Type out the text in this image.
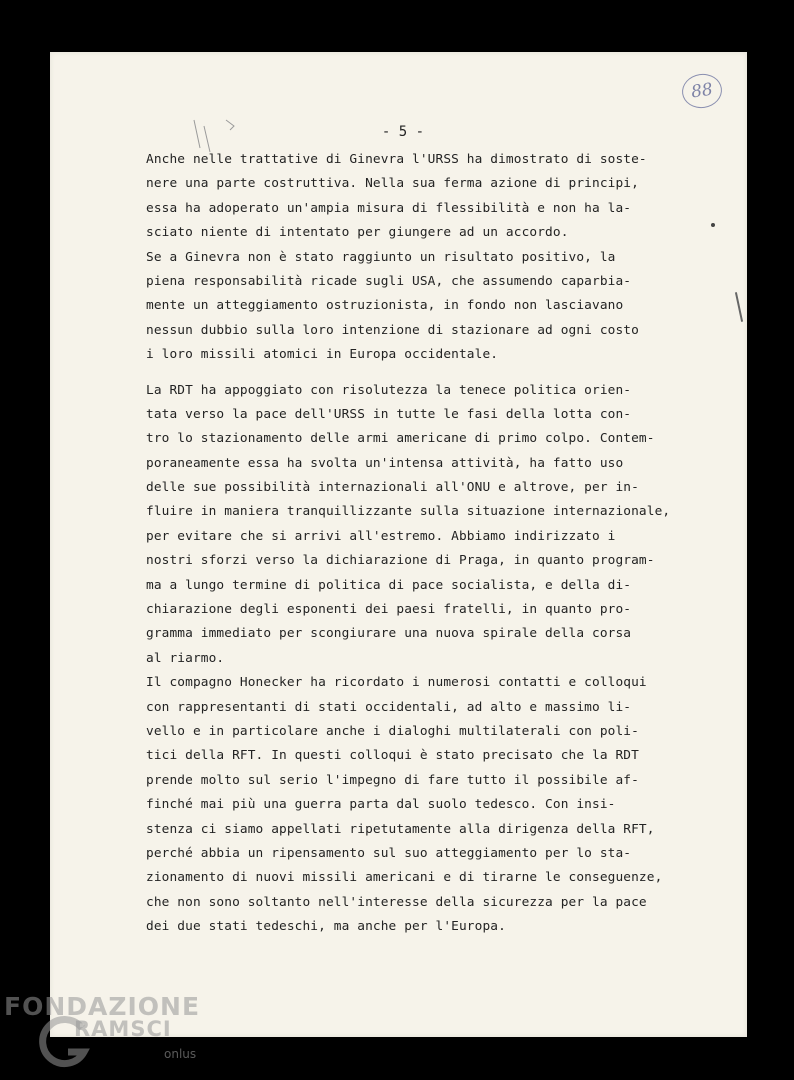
88
- 5 -
Anche nelle trattative di Ginevra l'URSS ha dimostrato di soste-
nere una parte costruttiva. Nella sua ferma azione di principi,
essa ha adoperato un'ampia misura di flessibilità e non ha la-
sciato niente di intentato per giungere ad un accordo.
Se a Ginevra non è stato raggiunto un risultato positivo, la
piena responsabilità ricade sugli USA, che assumendo caparbia-
mente un atteggiamento ostruzionista, in fondo non lasciavano
nessun dubbio sulla loro intenzione di stazionare ad ogni costo
i loro missili atomici in Europa occidentale.
La RDT ha appoggiato con risolutezza la tenece politica orien-
tata verso la pace dell'URSS in tutte le fasi della lotta con-
tro lo stazionamento delle armi americane di primo colpo. Contem-
poraneamente essa ha svolta un'intensa attività, ha fatto uso
delle sue possibilità internazionali all'ONU e altrove, per in-
fluire in maniera tranquillizzante sulla situazione internazionale,
per evitare che si arrivi all'estremo. Abbiamo indirizzato i
nostri sforzi verso la dichiarazione di Praga, in quanto program-
ma a lungo termine di politica di pace socialista, e della di-
chiarazione degli esponenti dei paesi fratelli, in quanto pro-
gramma immediato per scongiurare una nuova spirale della corsa
al riarmo.
Il compagno Honecker ha ricordato i numerosi contatti e colloqui
con rappresentanti di stati occidentali, ad alto e massimo li-
vello e in particolare anche i dialoghi multilaterali con poli-
tici della RFT. In questi colloqui è stato precisato che la RDT
prende molto sul serio l'impegno di fare tutto il possibile af-
finché mai più una guerra parta dal suolo tedesco. Con insi-
stenza ci siamo appellati ripetutamente alla dirigenza della RFT,
perché abbia un ripensamento sul suo atteggiamento per lo sta-
zionamento di nuovi missili americani e di tirarne le conseguenze,
che non sono soltanto nell'interesse della sicurezza per la pace
dei due stati tedeschi, ma anche per l'Europa.
FONDAZIONE
RAMSCI
onlus
